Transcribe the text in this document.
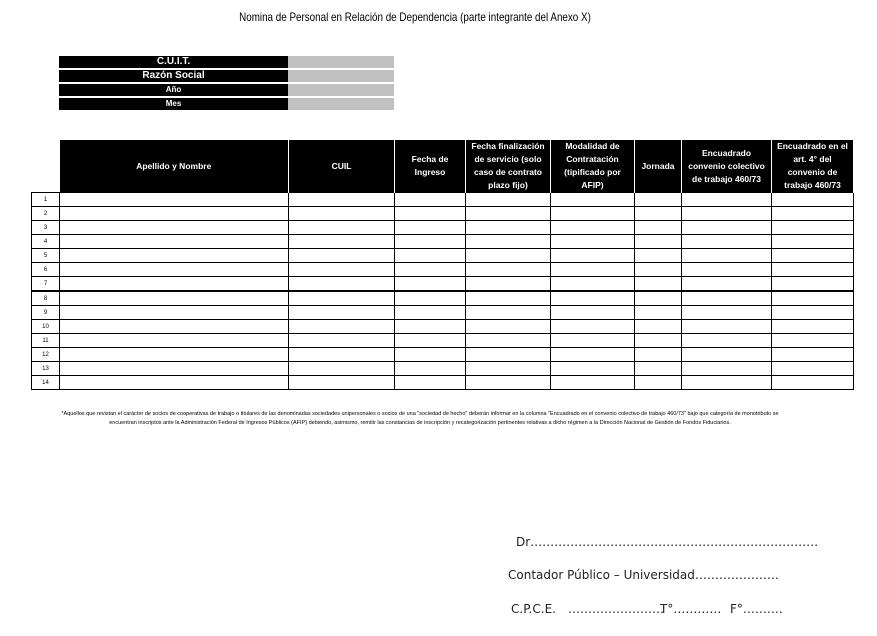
Nomina de Personal en Relación de Dependencia (parte integrante del Anexo X)
C.U.I.T.	
Razón Social	
Año	
Mes	
	Apellido y Nombre	CUIL	Fecha de Ingreso	Fecha finalización de servicio (solo caso de contrato plazo fijo)	Modalidad de Contratación (tipificado por AFIP)	Jornada	Encuadrado convenio colectivo de trabajo 460/73	Encuadrado en el art. 4° del convenio de trabajo 460/73
1								
2								
3								
4								
5								
6								
7								
8								
9								
10								
11								
12								
13								
14								
*Aquellos que revistan el carácter de socios de cooperativas de trabajo o titulares de las denominadas sociedades unipersonales o socios de una "sociedad de hecho" deberán informar en la columna "Encuadrado en el convenio colectivo de trabajo 460/73" bajo que categoría de monotributo se encuentran inscriptos ante la Administración Federal de Ingresos Públicos (AFIP) debiendo, asimismo, remitir las constancias de inscripción y recategorización pertinentes relativas a dicho régimen a la Dirección Nacional de Gestión de Fondos Fiduciarios.
Dr………………………………………………………………
Contador Público – Universidad…………………
C.P.C.E. ……………………
T°………… F°……….
